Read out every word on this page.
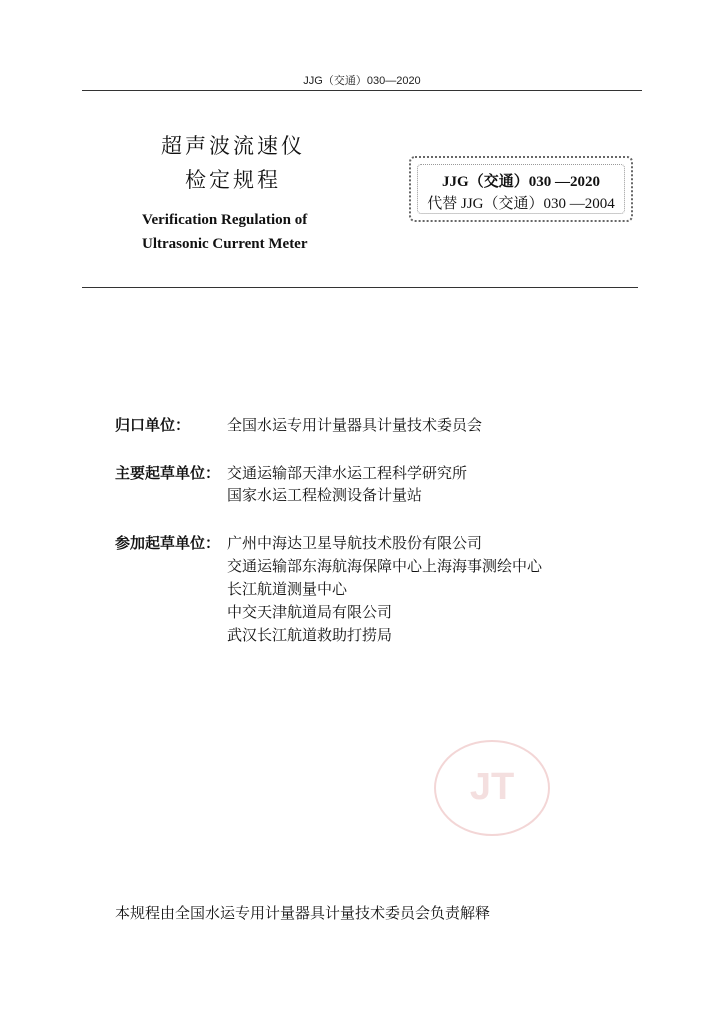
JJG（交通）030—2020
超声波流速仪
检定规程
Verification Regulation of
Ultrasonic Current Meter
JJG（交通）030 —2020
代替 JJG（交通）030 —2004
归口单位： 全国水运专用计量器具计量技术委员会
主要起草单位： 交通运输部天津水运工程科学研究所
国家水运工程检测设备计量站
参加起草单位： 广州中海达卫星导航技术股份有限公司
交通运输部东海航海保障中心上海海事测绘中心
长江航道测量中心
中交天津航道局有限公司
武汉长江航道救助打捞局
JT
本规程由全国水运专用计量器具计量技术委员会负责解释
